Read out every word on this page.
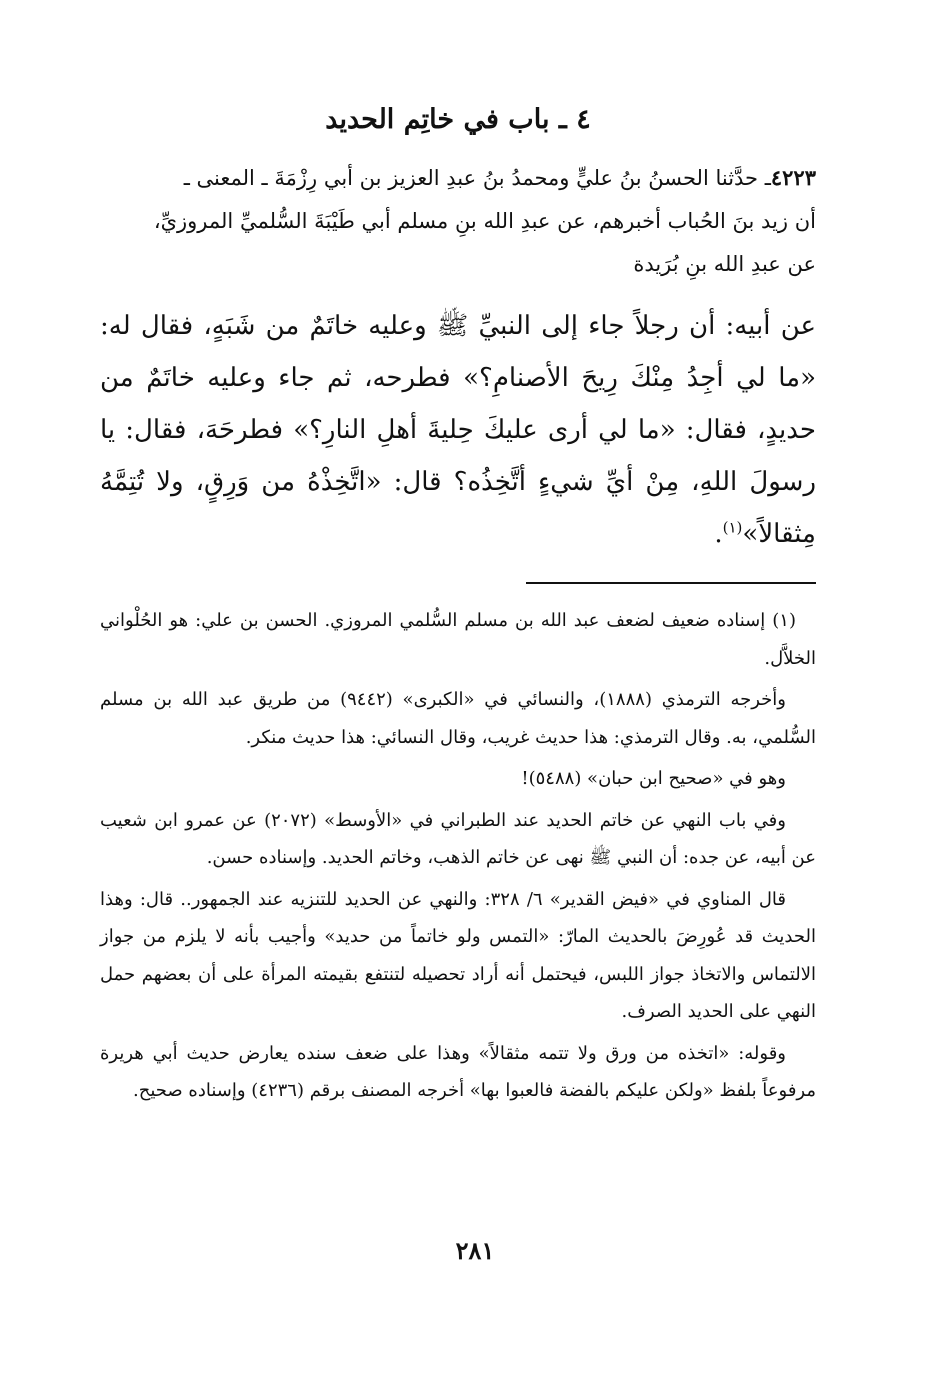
٤ ـ باب في خاتِم الحديد

٤٢٢٣ـ حدَّثنا الحسنُ بنُ عليٍّ ومحمدُ بنُ عبدِ العزيز بن أبي رِزْمَةَ ـ المعنى ـ

أن زيد بنَ الحُباب أخبرهم، عن عبدِ الله بنِ مسلم أبي طَيْبَةَ السُّلميِّ المروزيِّ،

عن عبدِ الله بنِ بُرَيدة

عن أبيه: أن رجلاً جاء إلى النبيِّ ﷺ وعليه خاتَمٌ من شَبَهٍ، فقال له: «ما لي أجِدُ مِنْكَ رِيحَ الأصنامِ؟» فطرحه، ثم جاء وعليه خاتَمٌ من حديدٍ، فقال: «ما لي أرى عليكَ حِليةَ أهلِ النارِ؟» فطرحَهَ، فقال: يا رسولَ اللهِ، مِنْ أيِّ شيءٍ أتَّخِذُه؟ قال: «اتَّخِذْهُ من وَرِقٍ، ولا تُتِمَّهُ مِثقالاً»$^{(١)}$.

(١) إسناده ضعيف لضعف عبد الله بن مسلم السُّلمي المروزي. الحسن بن علي: هو الحُلْواني الخلاَّل.

وأخرجه الترمذي (١٨٨٨)، والنسائي في «الكبرى» (٩٤٤٢) من طريق عبد الله بن مسلم السُّلمي، به. وقال الترمذي: هذا حديث غريب، وقال النسائي: هذا حديث منكر.

وهو في «صحيح ابن حبان» (٥٤٨٨)!

وفي باب النهي عن خاتم الحديد عند الطبراني في «الأوسط» (٢٠٧٢) عن عمرو ابن شعيب عن أبيه، عن جده: أن النبي ﷺ نهى عن خاتم الذهب، وخاتم الحديد. وإسناده حسن.

قال المناوي في «فيض القدير» ٦/ ٣٢٨: والنهي عن الحديد للتنزيه عند الجمهور.. قال: وهذا الحديث قد عُورِضَ بالحديث المارّ: «التمس ولو خاتماً من حديد» وأجيب بأنه لا يلزم من جواز الالتماس والاتخاذ جواز اللبس، فيحتمل أنه أراد تحصيله لتنتفع بقيمته المرأة على أن بعضهم حمل النهي على الحديد الصرف.

وقوله: «اتخذه من ورق ولا تتمه مثقالاً» وهذا على ضعف سنده يعارض حديث أبي هريرة مرفوعاً بلفظ «ولكن عليكم بالفضة فالعبوا بها» أخرجه المصنف برقم (٤٢٣٦) وإسناده صحيح.

٢٨١
